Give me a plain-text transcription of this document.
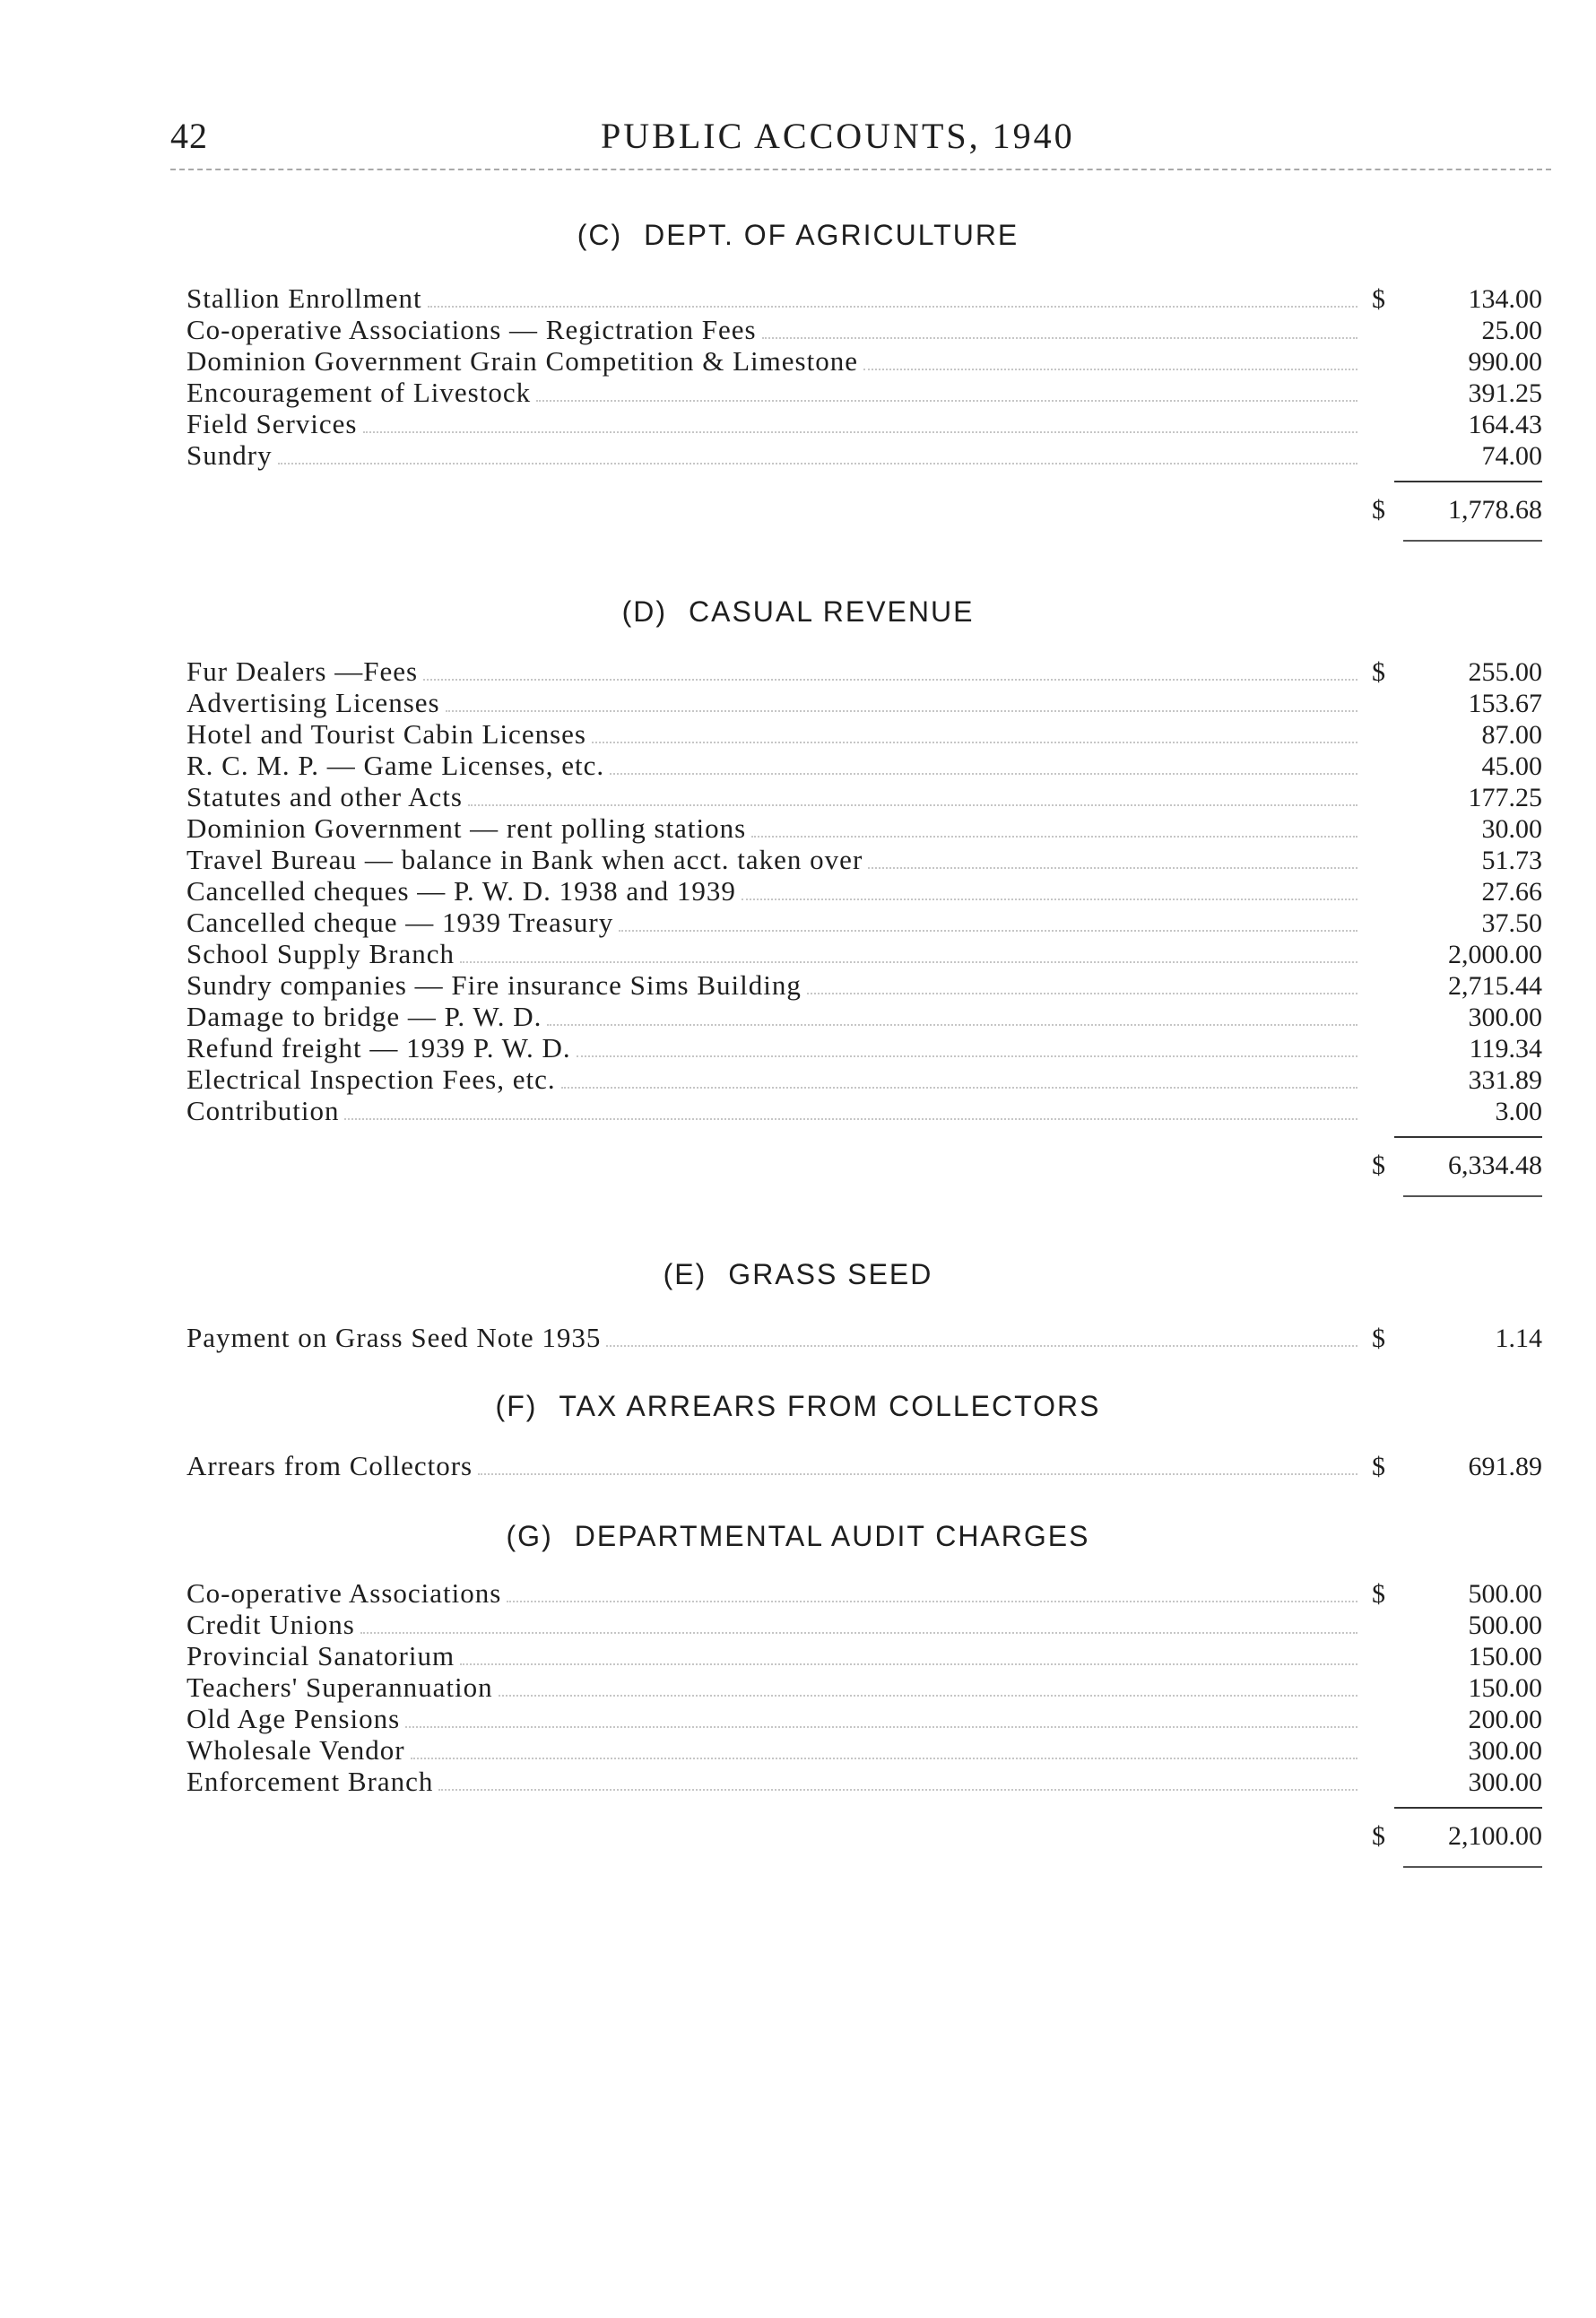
42	PUBLIC ACCOUNTS, 1940
(C) DEPT. OF AGRICULTURE
Stallion Enrollment	$	134.00
Co-operative Associations — Regictration Fees	25.00
Dominion Government Grain Competition & Limestone	990.00
Encouragement of Livestock	391.25
Field Services	164.43
Sundry	74.00
$	1,778.68
(D) CASUAL REVENUE
Fur Dealers —Fees	$	255.00
Advertising Licenses	153.67
Hotel and Tourist Cabin Licenses	87.00
R. C. M. P. — Game Licenses, etc.	45.00
Statutes and other Acts	177.25
Dominion Government — rent polling stations	30.00
Travel Bureau — balance in Bank when acct. taken over	51.73
Cancelled cheques — P. W. D. 1938 and 1939	27.66
Cancelled cheque — 1939 Treasury	37.50
School Supply Branch	2,000.00
Sundry companies — Fire insurance Sims Building	2,715.44
Damage to bridge — P. W. D.	300.00
Refund freight — 1939 P. W. D.	119.34
Electrical Inspection Fees, etc.	331.89
Contribution	3.00
$	6,334.48
(E) GRASS SEED
Payment on Grass Seed Note 1935	$	1.14
(F) TAX ARREARS FROM COLLECTORS
Arrears from Collectors	$	691.89
(G) DEPARTMENTAL AUDIT CHARGES
Co-operative Associations	$	500.00
Credit Unions	500.00
Provincial Sanatorium	150.00
Teachers' Superannuation	150.00
Old Age Pensions	200.00
Wholesale Vendor	300.00
Enforcement Branch	300.00
$	2,100.00
